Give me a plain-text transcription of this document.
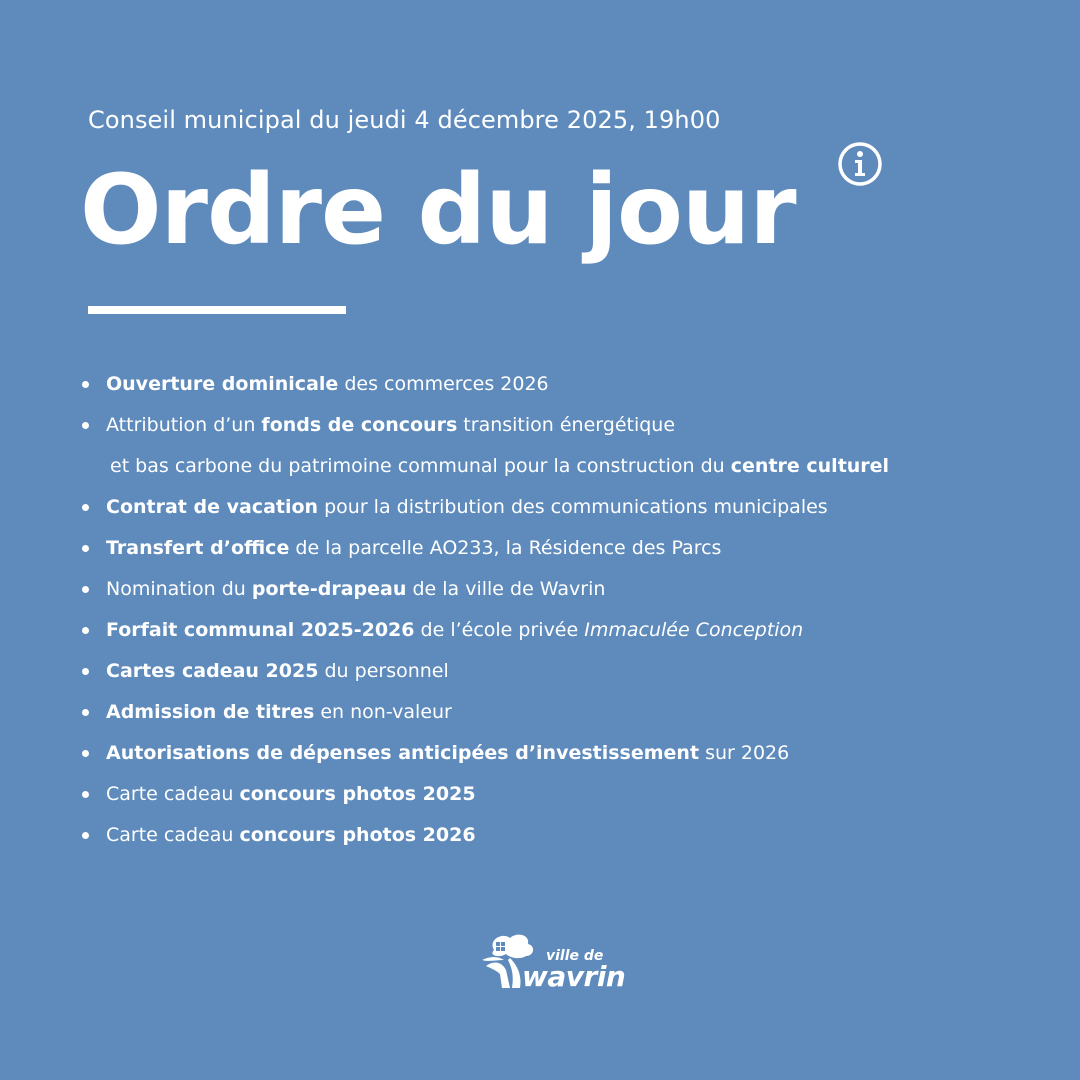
Conseil municipal du jeudi 4 décembre 2025, 19h00
Ordre du jour
Ouverture dominicale des commerces 2026
Attribution d’un fonds de concours transition énergétique
et bas carbone du patrimoine communal pour la construction du centre culturel
Contrat de vacation pour la distribution des communications municipales
Transfert d’office de la parcelle AO233, la Résidence des Parcs
Nomination du porte-drapeau de la ville de Wavrin
Forfait communal 2025-2026 de l’école privée Immaculée Conception
Cartes cadeau 2025 du personnel
Admission de titres en non-valeur
Autorisations de dépenses anticipées d’investissement sur 2026
Carte cadeau concours photos 2025
Carte cadeau concours photos 2026
ville de
wavrin
